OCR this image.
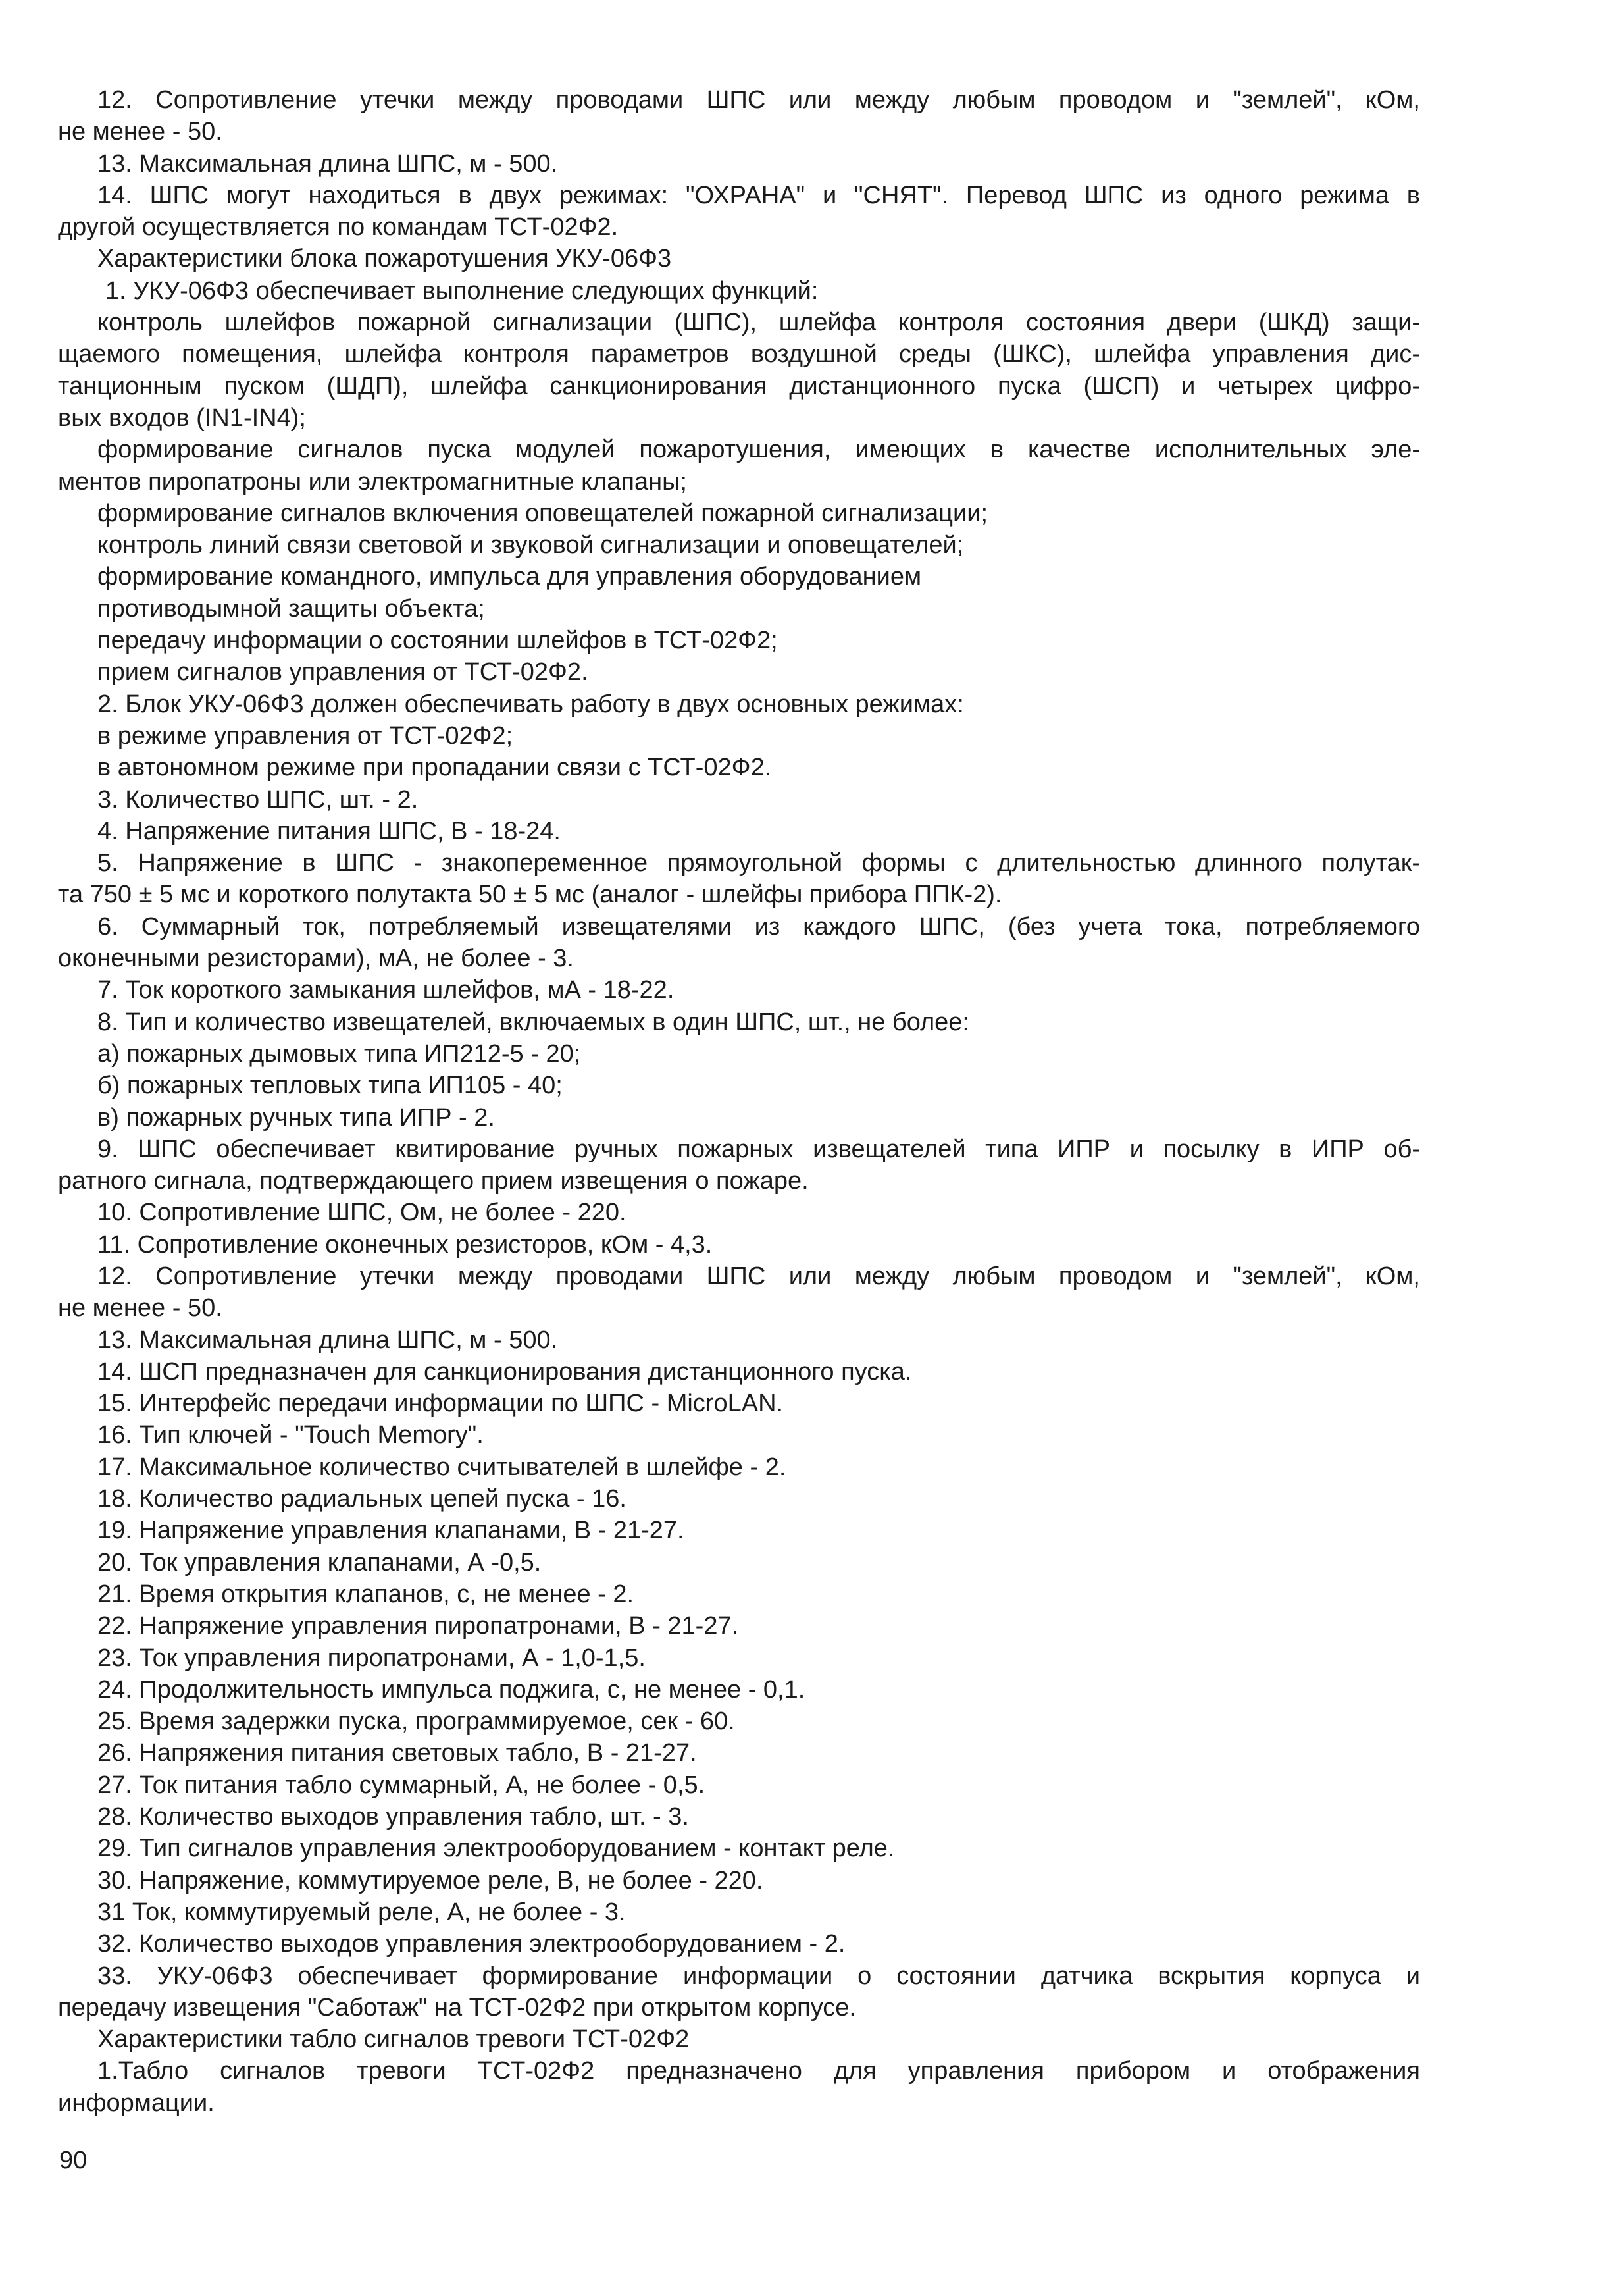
12. Сопротивление утечки между проводами ШПС или между любым проводом и "землей", кОм,
не менее - 50.
13. Максимальная длина ШПС, м - 500.
14. ШПС могут находиться в двух режимах: "ОХРАНА" и "СНЯТ". Перевод ШПС из одного режима в
другой осуществляется по командам ТСТ-02Ф2.
Характеристики блока пожаротушения УКУ-06Ф3
1. УКУ-06Ф3 обеспечивает выполнение следующих функций:
контроль шлейфов пожарной сигнализации (ШПС), шлейфа контроля состояния двери (ШКД) защи-
щаемого помещения, шлейфа контроля параметров воздушной среды (ШКС), шлейфа управления дис-
танционным пуском (ШДП), шлейфа санкционирования дистанционного пуска (ШСП) и четырех цифро-
вых входов (IN1-IN4);
формирование сигналов пуска модулей пожаротушения, имеющих в качестве исполнительных эле-
ментов пиропатроны или электромагнитные клапаны;
формирование сигналов включения оповещателей пожарной сигнализации;
контроль линий связи световой и звуковой сигнализации и оповещателей;
формирование командного, импульса для управления оборудованием
противодымной защиты объекта;
передачу информации о состоянии шлейфов в ТСТ-02Ф2;
прием сигналов управления от ТСТ-02Ф2.
2. Блок УКУ-06Ф3 должен обеспечивать работу в двух основных режимах:
в режиме управления от ТСТ-02Ф2;
в автономном режиме при пропадании связи с ТСТ-02Ф2.
3. Количество ШПС, шт. - 2.
4. Напряжение питания ШПС, В - 18-24.
5. Напряжение в ШПС - знакопеременное прямоугольной формы с длительностью длинного полутак-
та 750 ± 5 мс и короткого полутакта 50 ± 5 мс (аналог - шлейфы прибора ППК-2).
6. Суммарный ток, потребляемый извещателями из каждого ШПС, (без учета тока, потребляемого
оконечными резисторами), мА, не более - 3.
7. Ток короткого замыкания шлейфов, мА - 18-22.
8. Тип и количество извещателей, включаемых в один ШПС, шт., не более:
а) пожарных дымовых типа ИП212-5 - 20;
б) пожарных тепловых типа ИП105 - 40;
в) пожарных ручных типа ИПР - 2.
9. ШПС обеспечивает квитирование ручных пожарных извещателей типа ИПР и посылку в ИПР об-
ратного сигнала, подтверждающего прием извещения о пожаре.
10. Сопротивление ШПС, Ом, не более - 220.
11. Сопротивление оконечных резисторов, кОм - 4,3.
12. Сопротивление утечки между проводами ШПС или между любым проводом и "землей", кОм,
не менее - 50.
13. Максимальная длина ШПС, м - 500.
14. ШСП предназначен для санкционирования дистанционного пуска.
15. Интерфейс передачи информации по ШПС - MicroLAN.
16. Тип ключей - "Touch Memory".
17. Максимальное количество считывателей в шлейфе - 2.
18. Количество радиальных цепей пуска - 16.
19. Напряжение управления клапанами, В - 21-27.
20. Ток управления клапанами, А -0,5.
21. Время открытия клапанов, с, не менее - 2.
22. Напряжение управления пиропатронами, В - 21-27.
23. Ток управления пиропатронами, А - 1,0-1,5.
24. Продолжительность импульса поджига, с, не менее - 0,1.
25. Время задержки пуска, программируемое, сек - 60.
26. Напряжения питания световых табло, В - 21-27.
27. Ток питания табло суммарный, А, не более - 0,5.
28. Количество выходов управления табло, шт. - 3.
29. Тип сигналов управления электрооборудованием - контакт реле.
30. Напряжение, коммутируемое реле, В, не более - 220.
31 Ток, коммутируемый реле, А, не более - 3.
32. Количество выходов управления электрооборудованием - 2.
33. УКУ-06Ф3 обеспечивает формирование информации о состоянии датчика вскрытия корпуса и
передачу извещения "Саботаж" на ТСТ-02Ф2 при открытом корпусе.
Характеристики табло сигналов тревоги ТСТ-02Ф2
1.Табло сигналов тревоги ТСТ-02Ф2 предназначено для управления прибором и отображения
информации.
90
